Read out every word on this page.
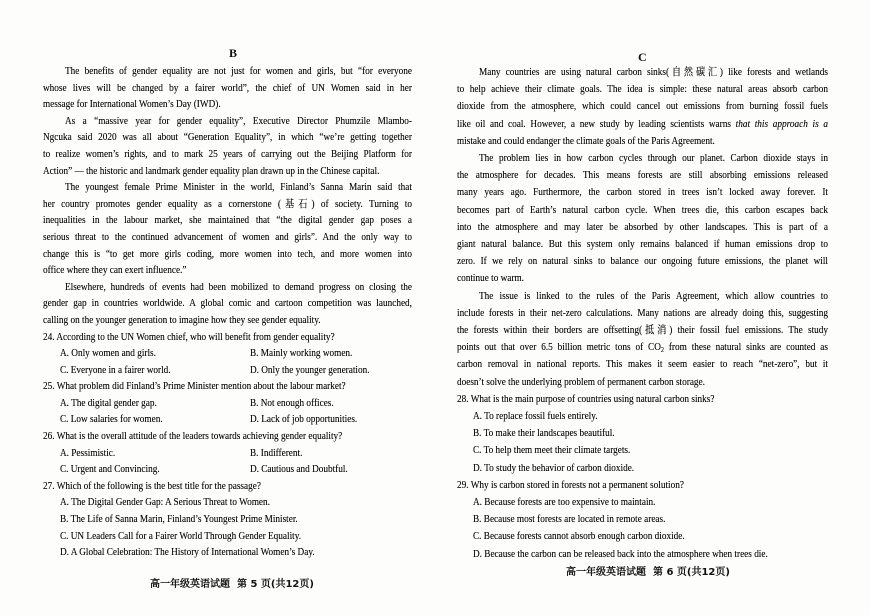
B
The benefits of gender equality are not just for women and girls, but “for everyone
whose lives will be changed by a fairer world”, the chief of UN Women said in her
message for International Women’s Day (IWD).
As a “massive year for gender equality”, Executive Director Phumzile Mlambo-
Ngcuka said 2020 was all about “Generation Equality”, in which “we’re getting together
to realize women’s rights, and to mark 25 years of carrying out the Beijing Platform for
Action” — the historic and landmark gender equality plan drawn up in the Chinese capital.
The youngest female Prime Minister in the world, Finland’s Sanna Marin said that
her country promotes gender equality as a cornerstone (基石) of society. Turning to
inequalities in the labour market, she maintained that “the digital gender gap poses a
serious threat to the continued advancement of women and girls”. And the only way to
change this is “to get more girls coding, more women into tech, and more women into
office where they can exert influence.”
Elsewhere, hundreds of events had been mobilized to demand progress on closing the
gender gap in countries worldwide. A global comic and cartoon competition was launched,
calling on the younger generation to imagine how they see gender equality.
24. According to the UN Women chief, who will benefit from gender equality?
A. Only women and girls.	B. Mainly working women.
C. Everyone in a fairer world.	D. Only the younger generation.
25. What problem did Finland’s Prime Minister mention about the labour market?
A. The digital gender gap.	B. Not enough offices.
C. Low salaries for women.	D. Lack of job opportunities.
26. What is the overall attitude of the leaders towards achieving gender equality?
A. Pessimistic.	B. Indifferent.
C. Urgent and Convincing.	D. Cautious and Doubtful.
27. Which of the following is the best title for the passage?
A. The Digital Gender Gap: A Serious Threat to Women.
B. The Life of Sanna Marin, Finland’s Youngest Prime Minister.
C. UN Leaders Call for a Fairer World Through Gender Equality.
D. A Global Celebration: The History of International Women’s Day.
高一年级英语试题  第 5 页(共12页)
C
Many countries are using natural carbon sinks(自然碳汇) like forests and wetlands
to help achieve their climate goals. The idea is simple: these natural areas absorb carbon
dioxide from the atmosphere, which could cancel out emissions from burning fossil fuels
like oil and coal. However, a new study by leading scientists warns that this approach is a
mistake and could endanger the climate goals of the Paris Agreement.
The problem lies in how carbon cycles through our planet. Carbon dioxide stays in
the atmosphere for decades. This means forests are still absorbing emissions released
many years ago. Furthermore, the carbon stored in trees isn’t locked away forever. It
becomes part of Earth’s natural carbon cycle. When trees die, this carbon escapes back
into the atmosphere and may later be absorbed by other landscapes. This is part of a
giant natural balance. But this system only remains balanced if human emissions drop to
zero. If we rely on natural sinks to balance our ongoing future emissions, the planet will
continue to warm.
The issue is linked to the rules of the Paris Agreement, which allow countries to
include forests in their net-zero calculations. Many nations are already doing this, suggesting
the forests within their borders are offsetting(抵消) their fossil fuel emissions. The study
points out that over 6.5 billion metric tons of $CO_2$ from these natural sinks are counted as
carbon removal in national reports. This makes it seem easier to reach “net-zero”, but it
doesn’t solve the underlying problem of permanent carbon storage.
28. What is the main purpose of countries using natural carbon sinks?
A. To replace fossil fuels entirely.
B. To make their landscapes beautiful.
C. To help them meet their climate targets.
D. To study the behavior of carbon dioxide.
29. Why is carbon stored in forests not a permanent solution?
A. Because forests are too expensive to maintain.
B. Because most forests are located in remote areas.
C. Because forests cannot absorb enough carbon dioxide.
D. Because the carbon can be released back into the atmosphere when trees die.
高一年级英语试题  第 6 页(共12页)
